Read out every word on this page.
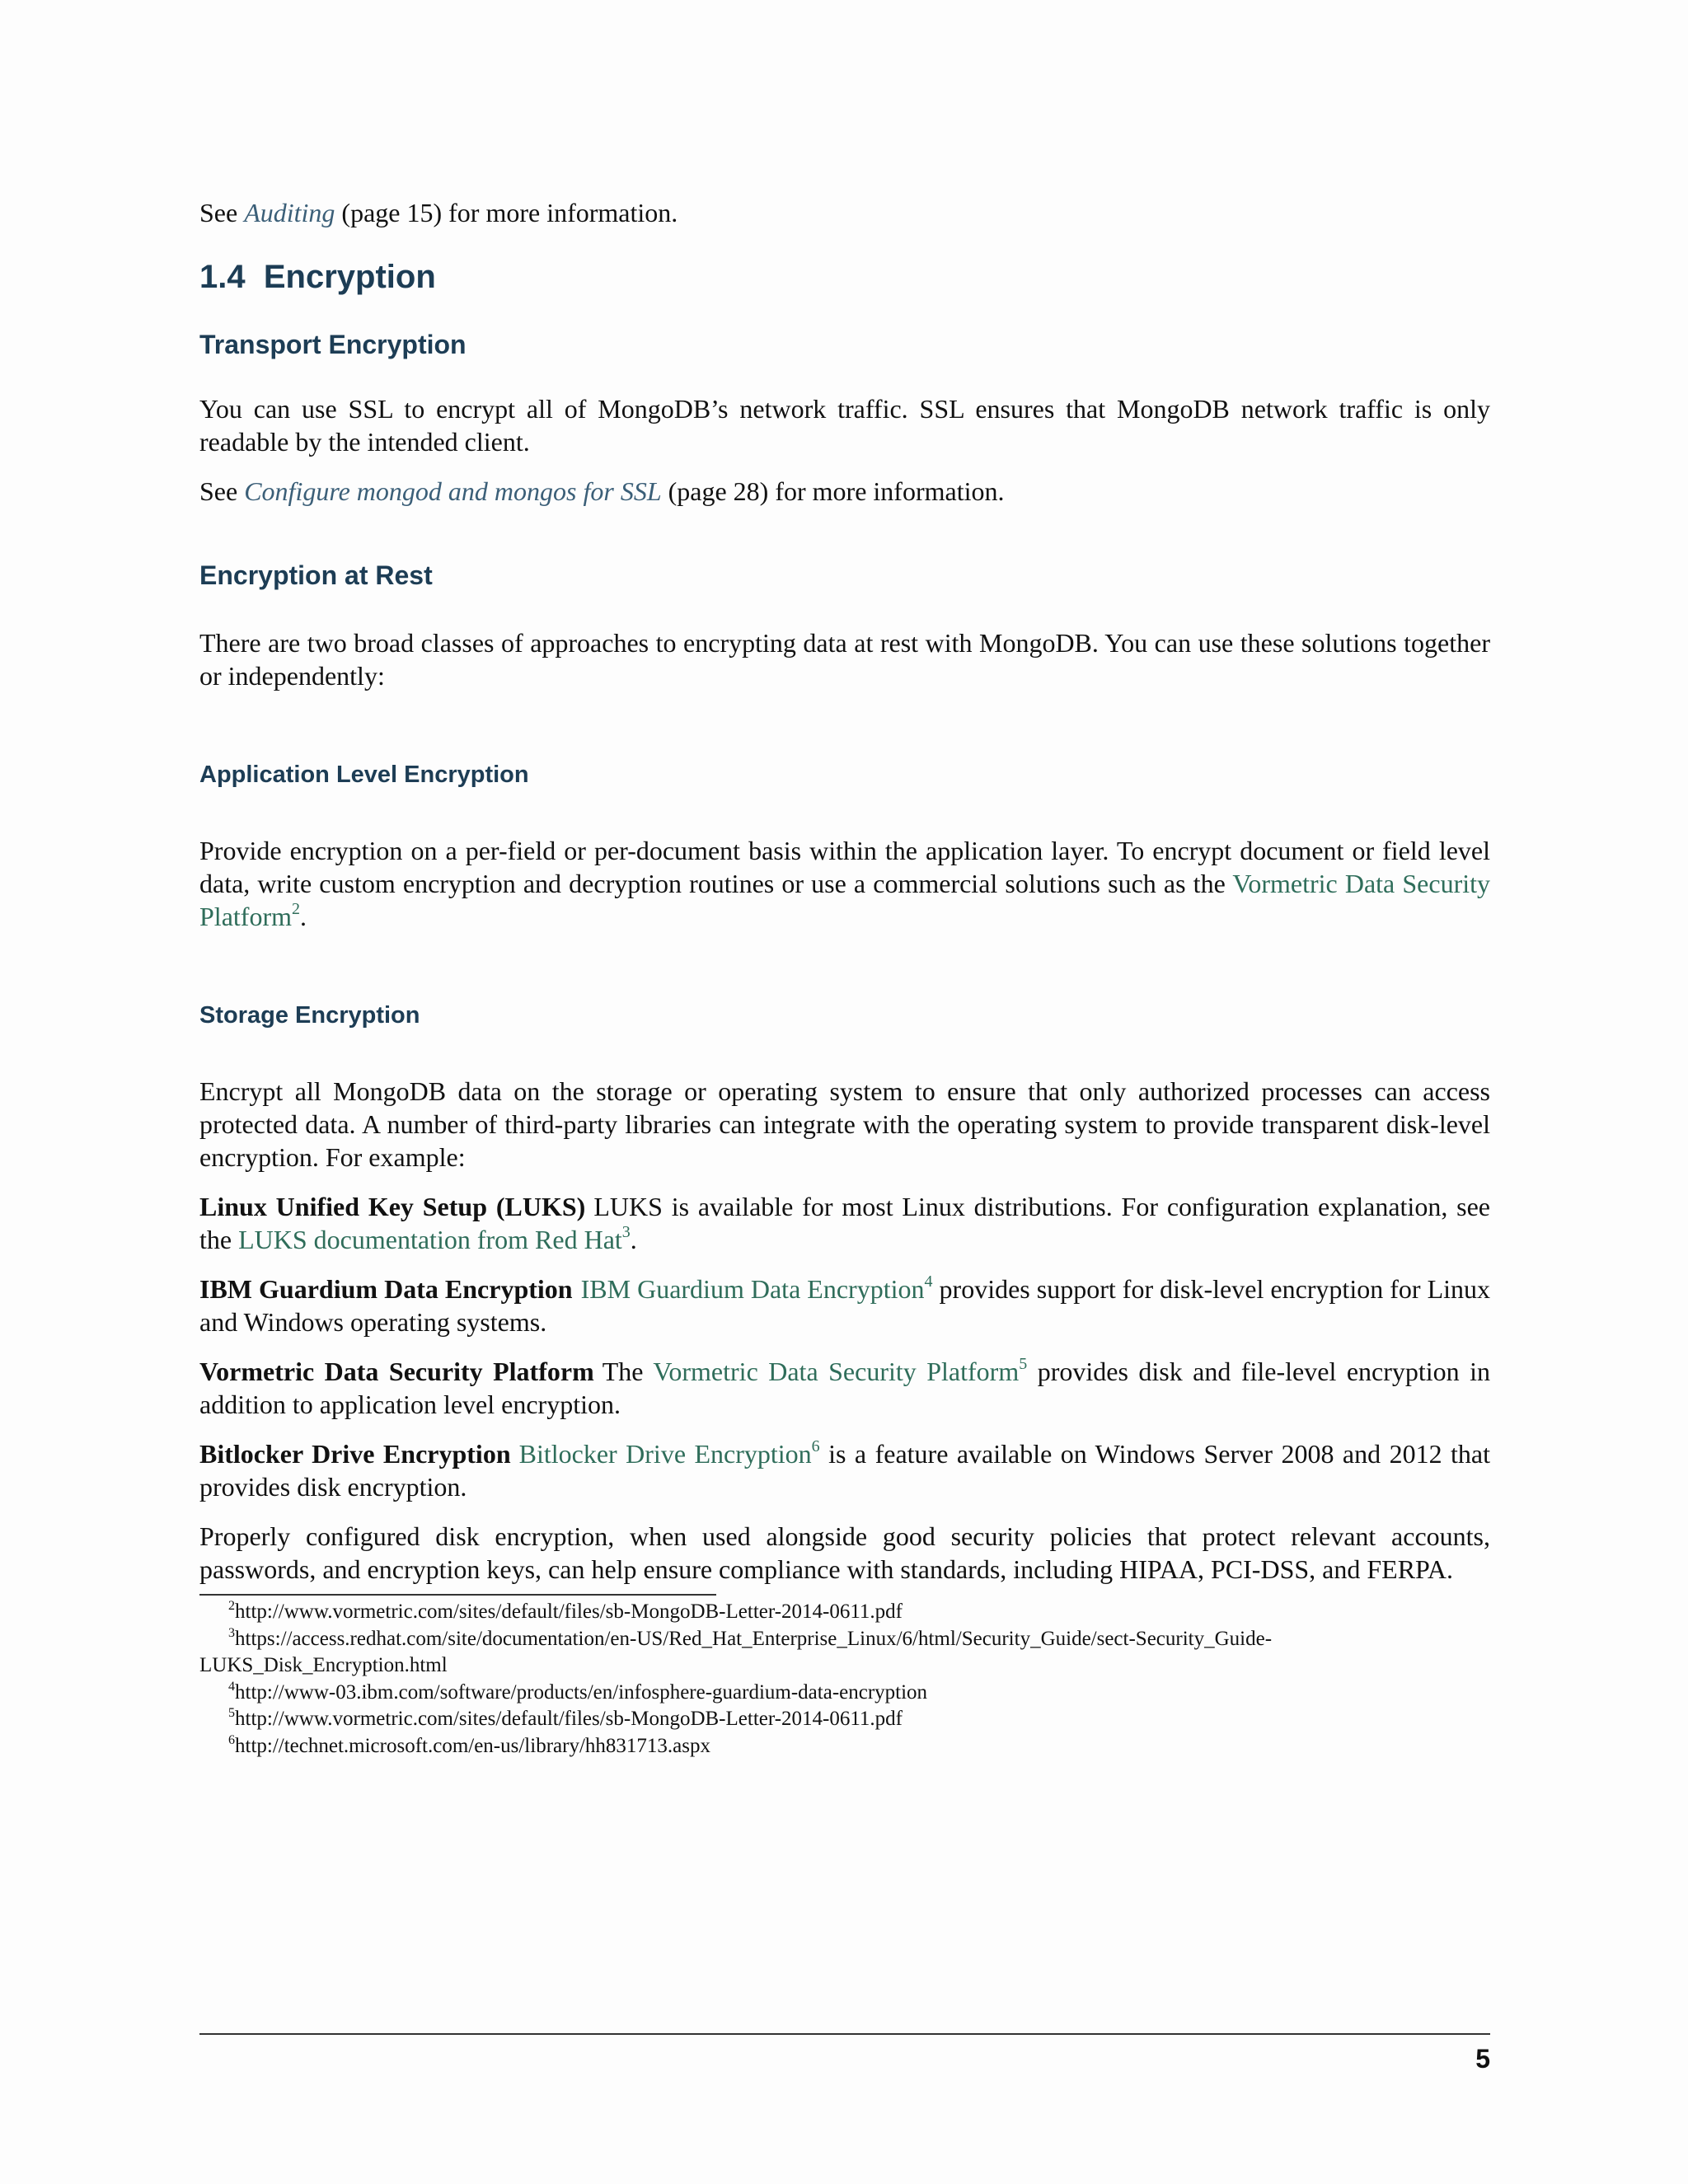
See Auditing (page 15) for more information.

1.4 Encryption
Transport Encryption

You can use SSL to encrypt all of MongoDB’s network traffic. SSL ensures that MongoDB network traffic is only readable by the intended client.

See Configure mongod and mongos for SSL (page 28) for more information.

Encryption at Rest

There are two broad classes of approaches to encrypting data at rest with MongoDB. You can use these solutions together or independently:

Application Level Encryption

Provide encryption on a per-field or per-document basis within the application layer. To encrypt document or field level data, write custom encryption and decryption routines or use a commercial solutions such as the Vormetric Data Security Platform$^2$.

Storage Encryption

Encrypt all MongoDB data on the storage or operating system to ensure that only authorized processes can access protected data. A number of third-party libraries can integrate with the operating system to provide transparent disk-level encryption. For example:

Linux Unified Key Setup (LUKS) LUKS is available for most Linux distributions. For configuration explanation, see the LUKS documentation from Red Hat$^3$.
IBM Guardium Data Encryption IBM Guardium Data Encryption$^4$ provides support for disk-level encryption for Linux and Windows operating systems.
Vormetric Data Security Platform The Vormetric Data Security Platform$^5$ provides disk and file-level encryption in addition to application level encryption.
Bitlocker Drive Encryption Bitlocker Drive Encryption$^6$ is a feature available on Windows Server 2008 and 2012 that provides disk encryption.

Properly configured disk encryption, when used alongside good security policies that protect relevant accounts, passwords, and encryption keys, can help ensure compliance with standards, including HIPAA, PCI-DSS, and FERPA.

$^2$http://www.vormetric.com/sites/default/files/sb-MongoDB-Letter-2014-0611.pdf
$^3$https://access.redhat.com/site/documentation/en-US/Red_Hat_Enterprise_Linux/6/html/Security_Guide/sect-Security_Guide-
LUKS_Disk_Encryption.html
$^4$http://www-03.ibm.com/software/products/en/infosphere-guardium-data-encryption
$^5$http://www.vormetric.com/sites/default/files/sb-MongoDB-Letter-2014-0611.pdf
$^6$http://technet.microsoft.com/en-us/library/hh831713.aspx
5
